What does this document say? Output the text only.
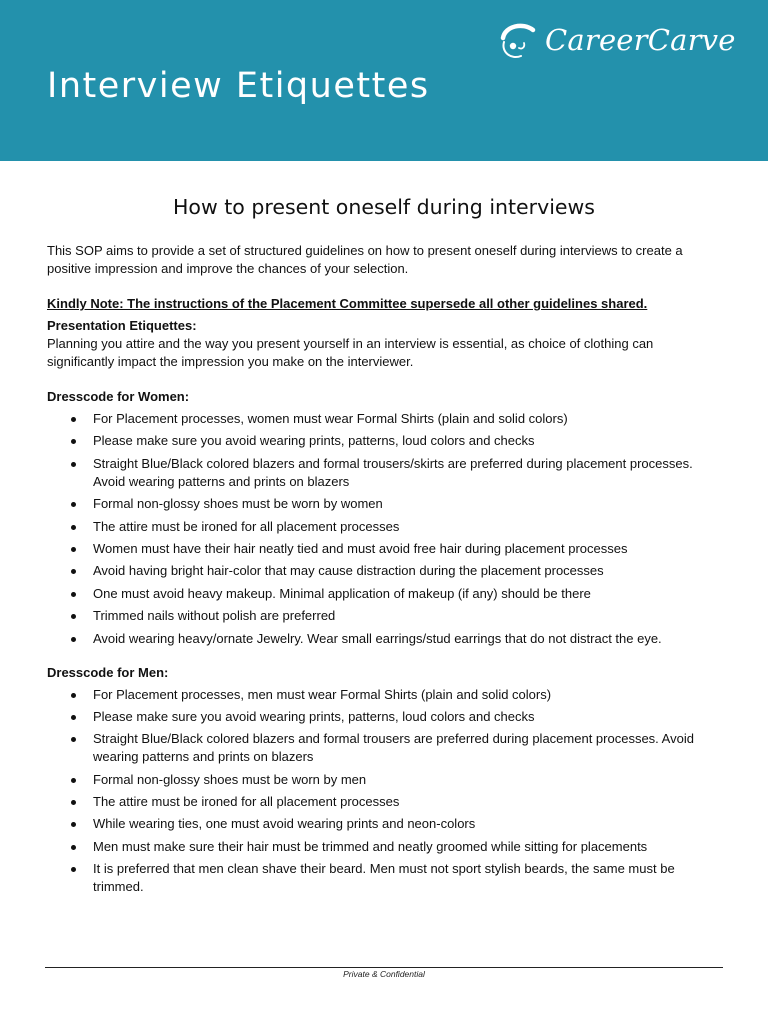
CareerCarve
Interview Etiquettes
How to present oneself during interviews

This SOP aims to provide a set of structured guidelines on how to present oneself during interviews to create a positive impression and improve the chances of your selection.

Kindly Note: The instructions of the Placement Committee supersede all other guidelines shared.

Presentation Etiquettes:

Planning you attire and the way you present yourself in an interview is essential, as choice of clothing can significantly impact the impression you make on the interviewer.

Dresscode for Women:

For Placement processes, women must wear Formal Shirts (plain and solid colors)
Please make sure you avoid wearing prints, patterns, loud colors and checks
Straight Blue/Black colored blazers and formal trousers/skirts are preferred during placement processes. Avoid wearing patterns and prints on blazers
Formal non-glossy shoes must be worn by women
The attire must be ironed for all placement processes
Women must have their hair neatly tied and must avoid free hair during placement processes
Avoid having bright hair-color that may cause distraction during the placement processes
One must avoid heavy makeup. Minimal application of makeup (if any) should be there
Trimmed nails without polish are preferred
Avoid wearing heavy/ornate Jewelry. Wear small earrings/stud earrings that do not distract the eye.

Dresscode for Men:

For Placement processes, men must wear Formal Shirts (plain and solid colors)
Please make sure you avoid wearing prints, patterns, loud colors and checks
Straight Blue/Black colored blazers and formal trousers are preferred during placement processes. Avoid wearing patterns and prints on blazers
Formal non-glossy shoes must be worn by men
The attire must be ironed for all placement processes
While wearing ties, one must avoid wearing prints and neon-colors
Men must make sure their hair must be trimmed and neatly groomed while sitting for placements
It is preferred that men clean shave their beard. Men must not sport stylish beards, the same must be trimmed.
Private & Confidential
